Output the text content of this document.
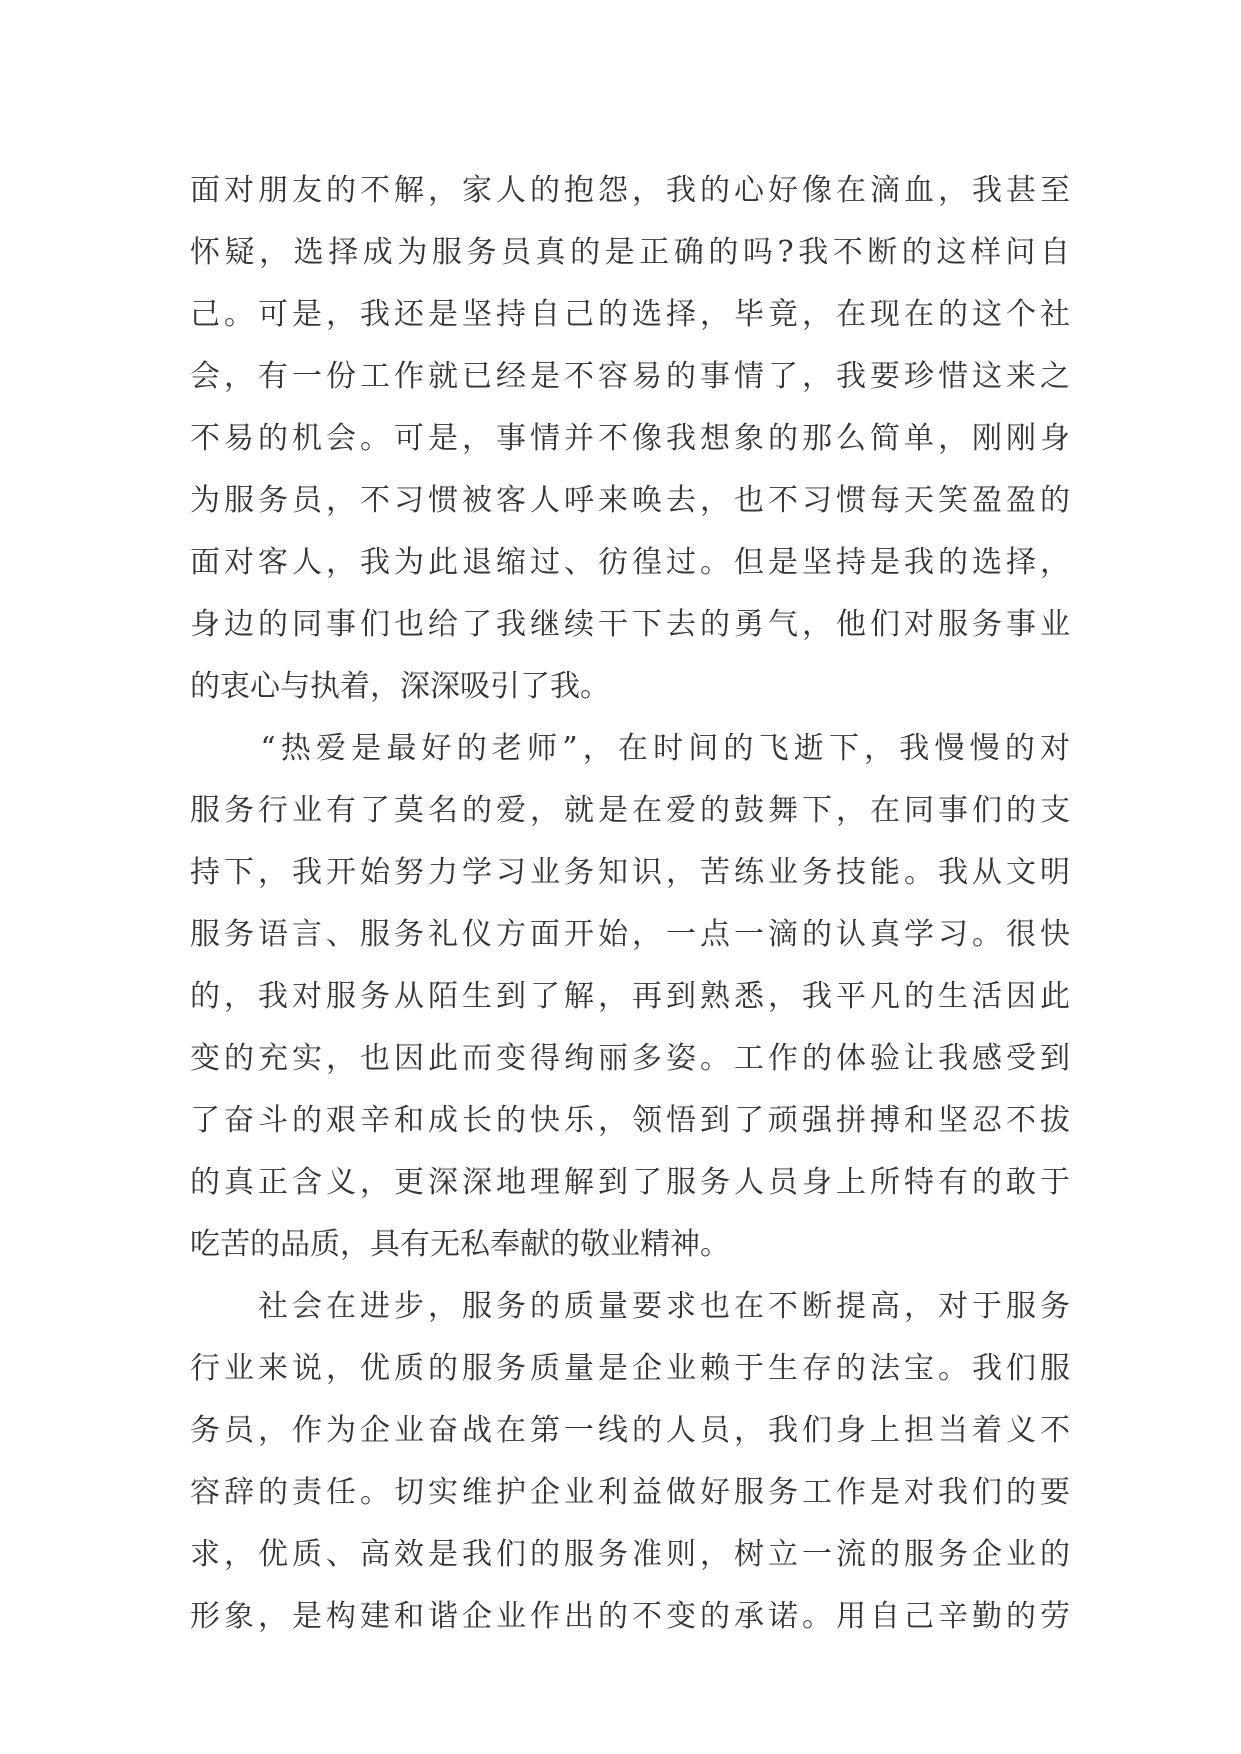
面对朋友的不解，家人的抱怨，我的心好像在滴血，我甚至
怀疑，选择成为服务员真的是正确的吗?我不断的这样问自
己。可是，我还是坚持自己的选择，毕竟，在现在的这个社
会，有一份工作就已经是不容易的事情了，我要珍惜这来之
不易的机会。可是，事情并不像我想象的那么简单，刚刚身
为服务员，不习惯被客人呼来唤去，也不习惯每天笑盈盈的
面对客人，我为此退缩过、彷徨过。但是坚持是我的选择，
身边的同事们也给了我继续干下去的勇气，他们对服务事业
的衷心与执着，深深吸引了我。
　　“热爱是最好的老师”，在时间的飞逝下，我慢慢的对
服务行业有了莫名的爱，就是在爱的鼓舞下，在同事们的支
持下，我开始努力学习业务知识，苦练业务技能。我从文明
服务语言、服务礼仪方面开始，一点一滴的认真学习。很快
的，我对服务从陌生到了解，再到熟悉，我平凡的生活因此
变的充实，也因此而变得绚丽多姿。工作的体验让我感受到
了奋斗的艰辛和成长的快乐，领悟到了顽强拼搏和坚忍不拔
的真正含义，更深深地理解到了服务人员身上所特有的敢于
吃苦的品质，具有无私奉献的敬业精神。
　　社会在进步，服务的质量要求也在不断提高，对于服务
行业来说，优质的服务质量是企业赖于生存的法宝。我们服
务员，作为企业奋战在第一线的人员，我们身上担当着义不
容辞的责任。切实维护企业利益做好服务工作是对我们的要
求，优质、高效是我们的服务准则，树立一流的服务企业的
形象，是构建和谐企业作出的不变的承诺。用自己辛勤的劳
